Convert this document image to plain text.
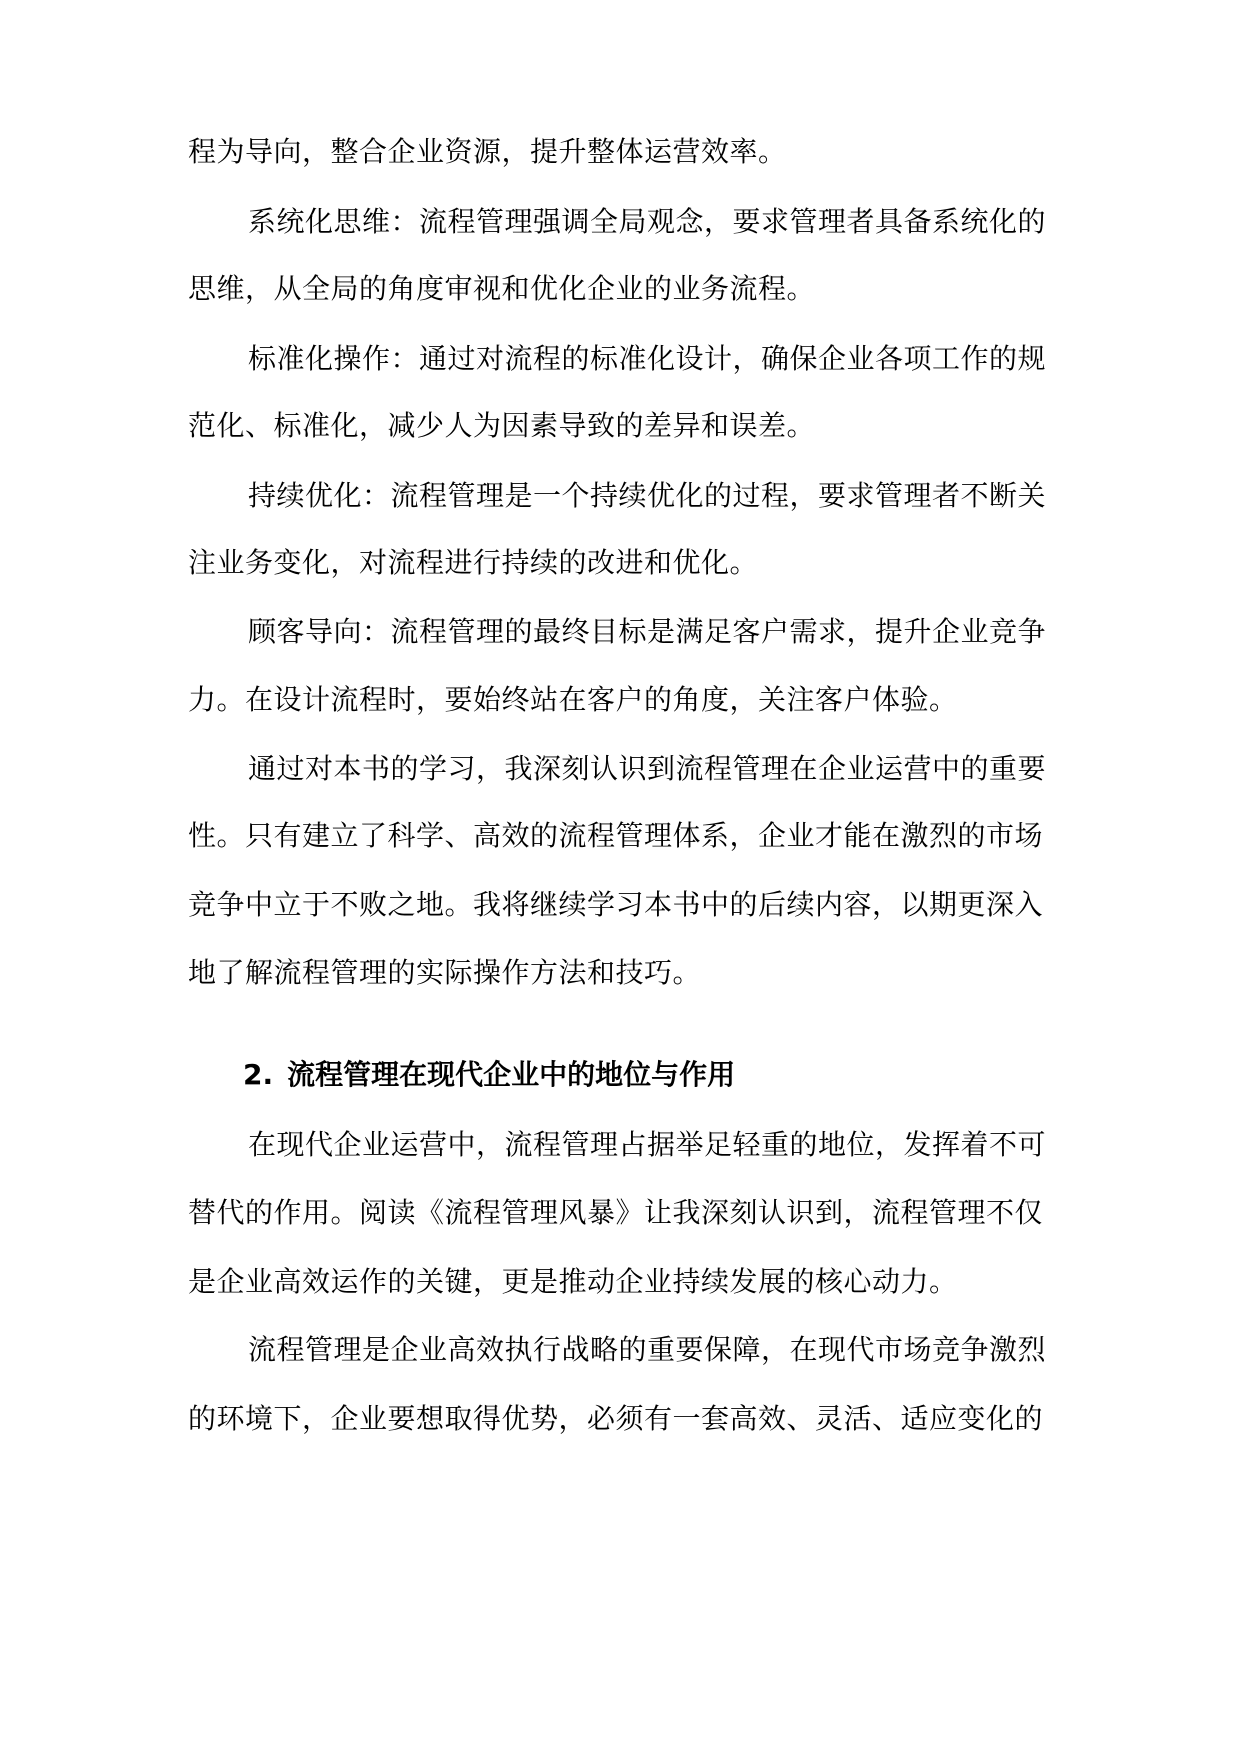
程为导向，整合企业资源，提升整体运营效率。
系统化思维：流程管理强调全局观念，要求管理者具备系统化的
思维，从全局的角度审视和优化企业的业务流程。
标准化操作：通过对流程的标准化设计，确保企业各项工作的规
范化、标准化，减少人为因素导致的差异和误差。
持续优化：流程管理是一个持续优化的过程，要求管理者不断关
注业务变化，对流程进行持续的改进和优化。
顾客导向：流程管理的最终目标是满足客户需求，提升企业竞争
力。在设计流程时，要始终站在客户的角度，关注客户体验。
通过对本书的学习，我深刻认识到流程管理在企业运营中的重要
性。只有建立了科学、高效的流程管理体系，企业才能在激烈的市场
竞争中立于不败之地。我将继续学习本书中的后续内容，以期更深入
地了解流程管理的实际操作方法和技巧。
2. 流程管理在现代企业中的地位与作用
在现代企业运营中，流程管理占据举足轻重的地位，发挥着不可
替代的作用。阅读《流程管理风暴》让我深刻认识到，流程管理不仅
是企业高效运作的关键，更是推动企业持续发展的核心动力。
流程管理是企业高效执行战略的重要保障，在现代市场竞争激烈
的环境下，企业要想取得优势，必须有一套高效、灵活、适应变化的
